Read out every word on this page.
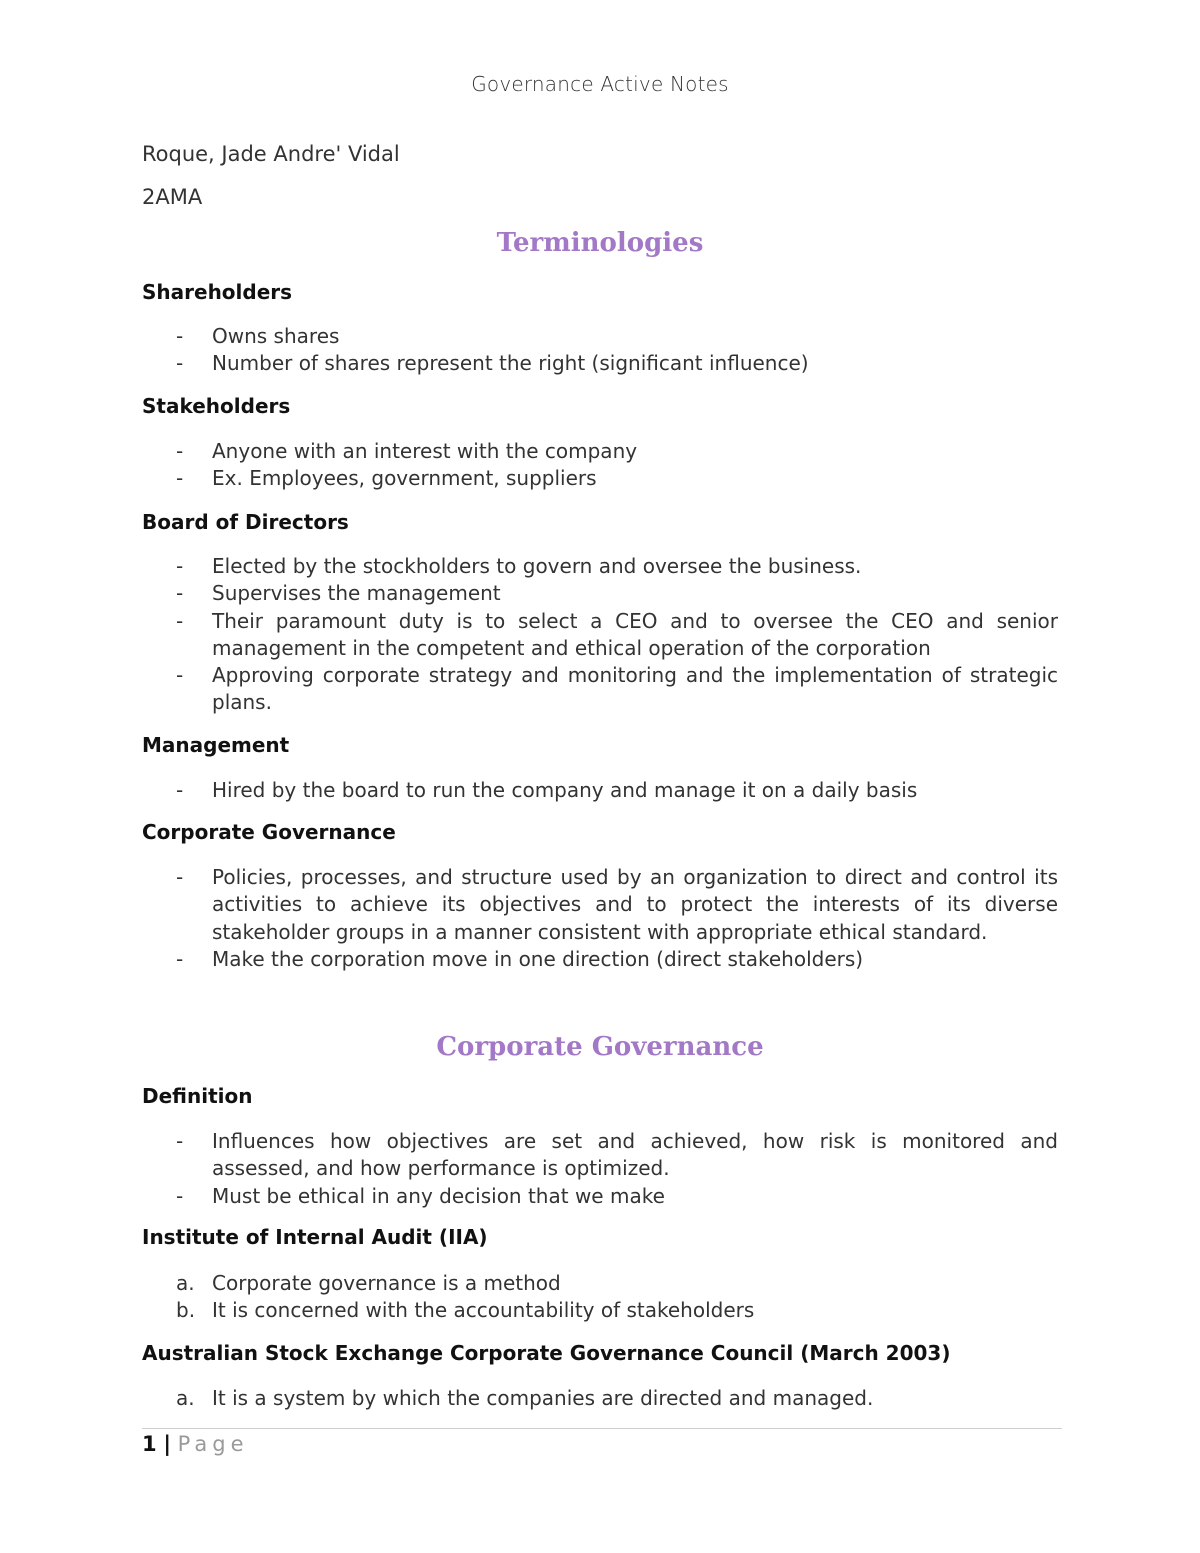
Governance Active Notes
Roque, Jade Andre' Vidal
2AMA
Terminologies
Shareholders
-	Owns shares
-	Number of shares represent the right (significant influence)
Stakeholders
-	Anyone with an interest with the company
-	Ex. Employees, government, suppliers
Board of Directors
-	Elected by the stockholders to govern and oversee the business.
-	Supervises the management
-	Their paramount duty is to select a CEO and to oversee the CEO and senior management in the competent and ethical operation of the corporation
-	Approving corporate strategy and monitoring and the implementation of strategic plans.
Management
-	Hired by the board to run the company and manage it on a daily basis
Corporate Governance
-	Policies, processes, and structure used by an organization to direct and control its activities to achieve its objectives and to protect the interests of its diverse stakeholder groups in a manner consistent with appropriate ethical standard.
-	Make the corporation move in one direction (direct stakeholders)
Corporate Governance
Definition
-	Influences how objectives are set and achieved, how risk is monitored and assessed, and how performance is optimized.
-	Must be ethical in any decision that we make
Institute of Internal Audit (IIA)
a. Corporate governance is a method
b. It is concerned with the accountability of stakeholders
Australian Stock Exchange Corporate Governance Council (March 2003)
a. It is a system by which the companies are directed and managed.
1 | Page
